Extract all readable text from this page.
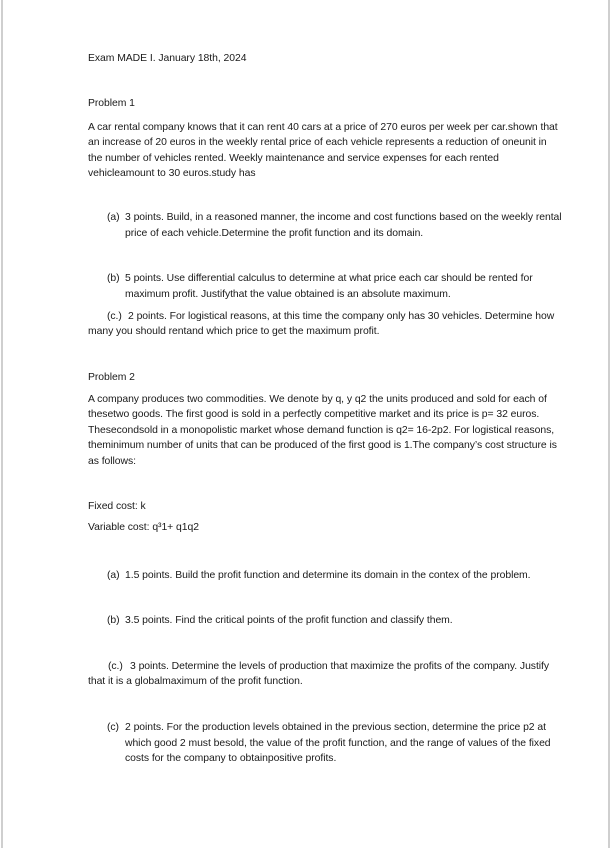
Exam MADE I. January 18th, 2024
Problem 1
A car rental company knows that it can rent 40 cars at a price of 270 euros per week per car.shown that
an increase of 20 euros in the weekly rental price of each vehicle represents a reduction of oneunit in
the number of vehicles rented. Weekly maintenance and service expenses for each rented
vehicleamount to 30 euros.study has
(a) 3 points. Build, in a reasoned manner, the income and cost functions based on the weekly rental
price of each vehicle.Determine the profit function and its domain.
(b) 5 points. Use differential calculus to determine at what price each car should be rented for
maximum profit. Justifythat the value obtained is an absolute maximum.
(c.) 2 points. For logistical reasons, at this time the company only has 30 vehicles. Determine how
many you should rentand which price to get the maximum profit.
Problem 2
A company produces two commodities. We denote by q, y q2 the units produced and sold for each of
thesetwo goods. The first good is sold in a perfectly competitive market and its price is p= 32 euros.
Thesecondsold in a monopolistic market whose demand function is q2= 16-2p2. For logistical reasons,
theminimum number of units that can be produced of the first good is 1.The company’s cost structure is
as follows:
Fixed cost: k
Variable cost: q³1+ q1q2
(a) 1.5 points. Build the profit function and determine its domain in the contex of the problem.
(b) 3.5 points. Find the critical points of the profit function and classify them.
(c.) 3 points. Determine the levels of production that maximize the profits of the company. Justify
that it is a globalmaximum of the profit function.
(c) 2 points. For the production levels obtained in the previous section, determine the price p2 at
which good 2 must besold, the value of the profit function, and the range of values of the fixed
costs for the company to obtainpositive profits.
